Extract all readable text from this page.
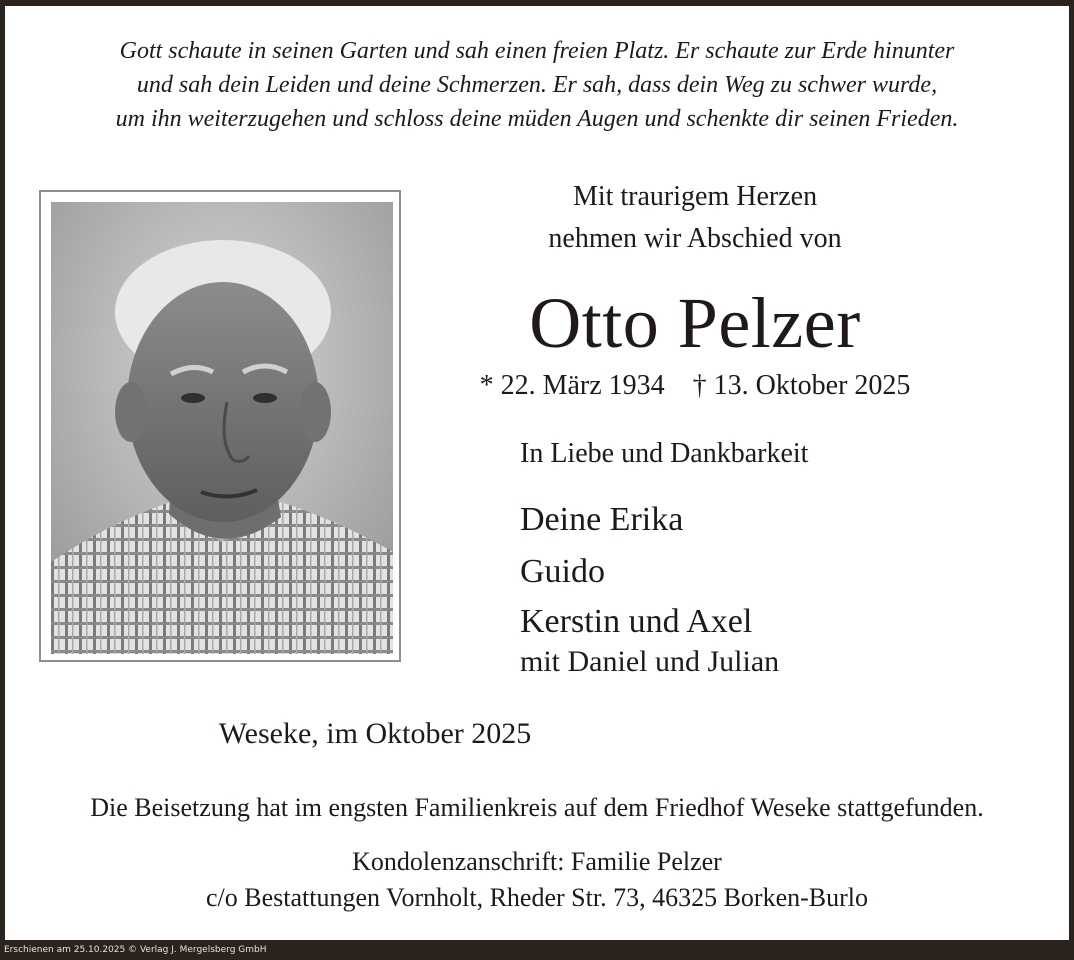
Gott schaute in seinen Garten und sah einen freien Platz. Er schaute zur Erde hinunter
und sah dein Leiden und deine Schmerzen. Er sah, dass dein Weg zu schwer wurde,
um ihn weiterzugehen und schloss deine müden Augen und schenkte dir seinen Frieden.
Mit traurigem Herzen
nehmen wir Abschied von
Otto Pelzer
* 22. März 1934 † 13. Oktober 2025
In Liebe und Dankbarkeit
Deine Erika
Guido
Kerstin und Axel
mit Daniel und Julian
Weseke, im Oktober 2025
Die Beisetzung hat im engsten Familienkreis auf dem Friedhof Weseke stattgefunden.
Kondolenzanschrift: Familie Pelzer
c/o Bestattungen Vornholt, Rheder Str. 73, 46325 Borken-Burlo
Erschienen am 25.10.2025 © Verlag J. Mergelsberg GmbH
